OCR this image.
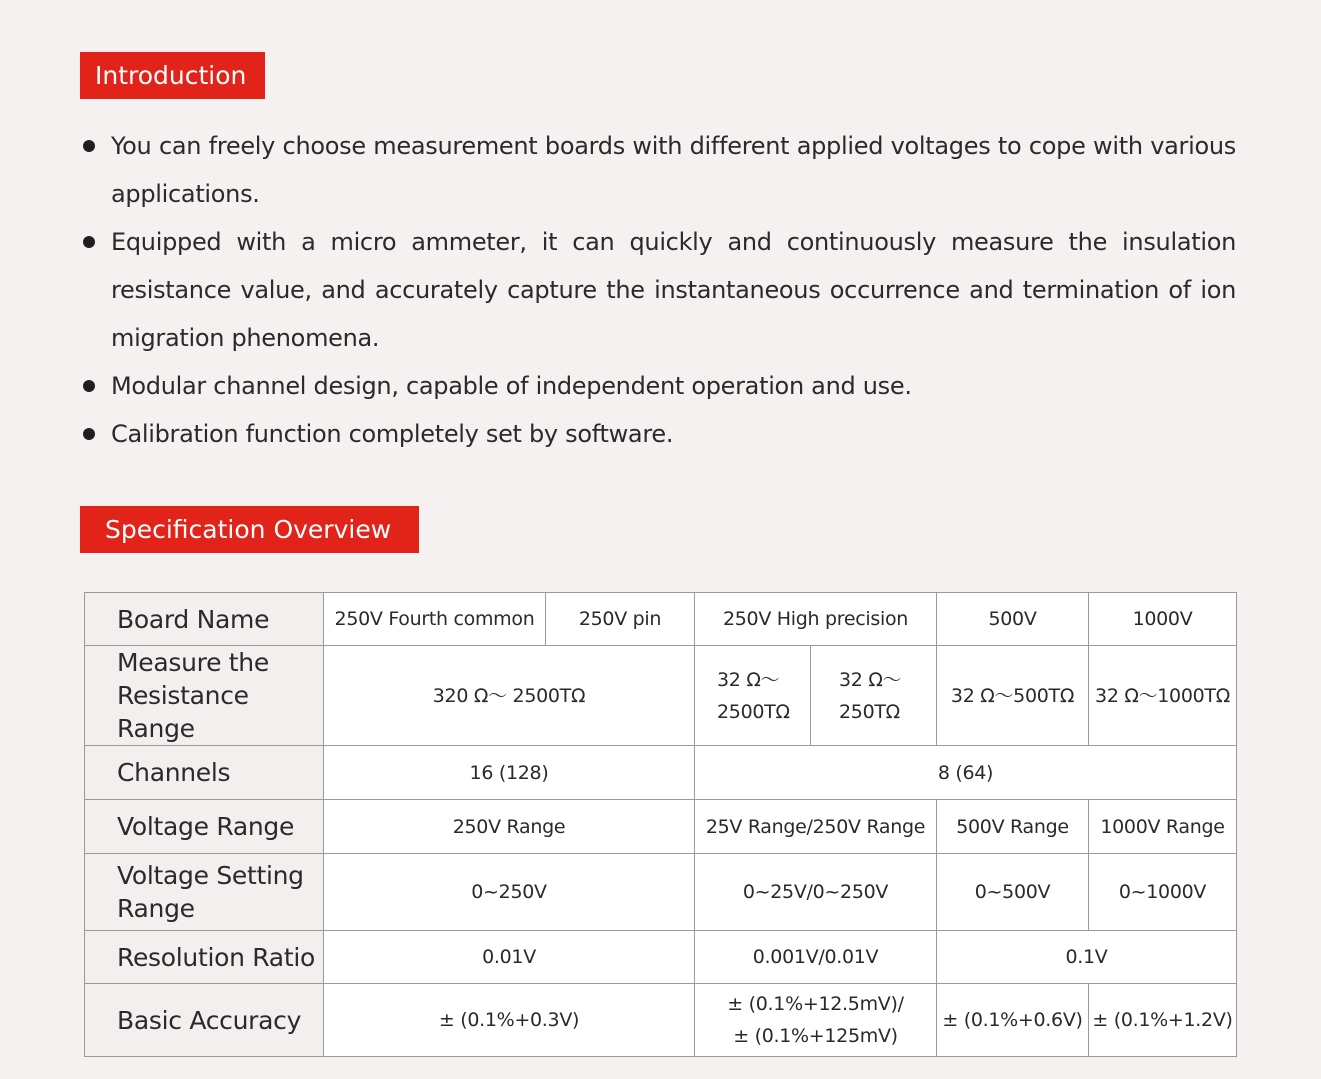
Introduction
You can freely choose measurement boards with different applied voltages to cope with various applications.
Equipped with a micro ammeter, it can quickly and continuously measure the insulation resistance value, and accurately capture the instantaneous occurrence and termination of ion migration phenomena.
Modular channel design, capable of independent operation and use.
Calibration function completely set by software.
Specification Overview
Board Name	250V Fourth common	250V pin	250V High precision		500V	1000V
Measure the Resistance Range	320 Ω～ 2500TΩ		32 Ω～ 2500TΩ	32 Ω～ 250TΩ	32 Ω～500TΩ	32 Ω～1000TΩ
Channels	16 (128)		8 (64)			
Voltage Range	250V Range		25V Range/250V Range		500V Range	1000V Range
Voltage Setting Range	0~250V		0~25V/0~250V		0~500V	0~1000V
Resolution Ratio	0.01V		0.001V/0.01V		0.1V	
Basic Accuracy	± (0.1%+0.3V)		± (0.1%+12.5mV)/ ± (0.1%+125mV)		± (0.1%+0.6V)	± (0.1%+1.2V)
